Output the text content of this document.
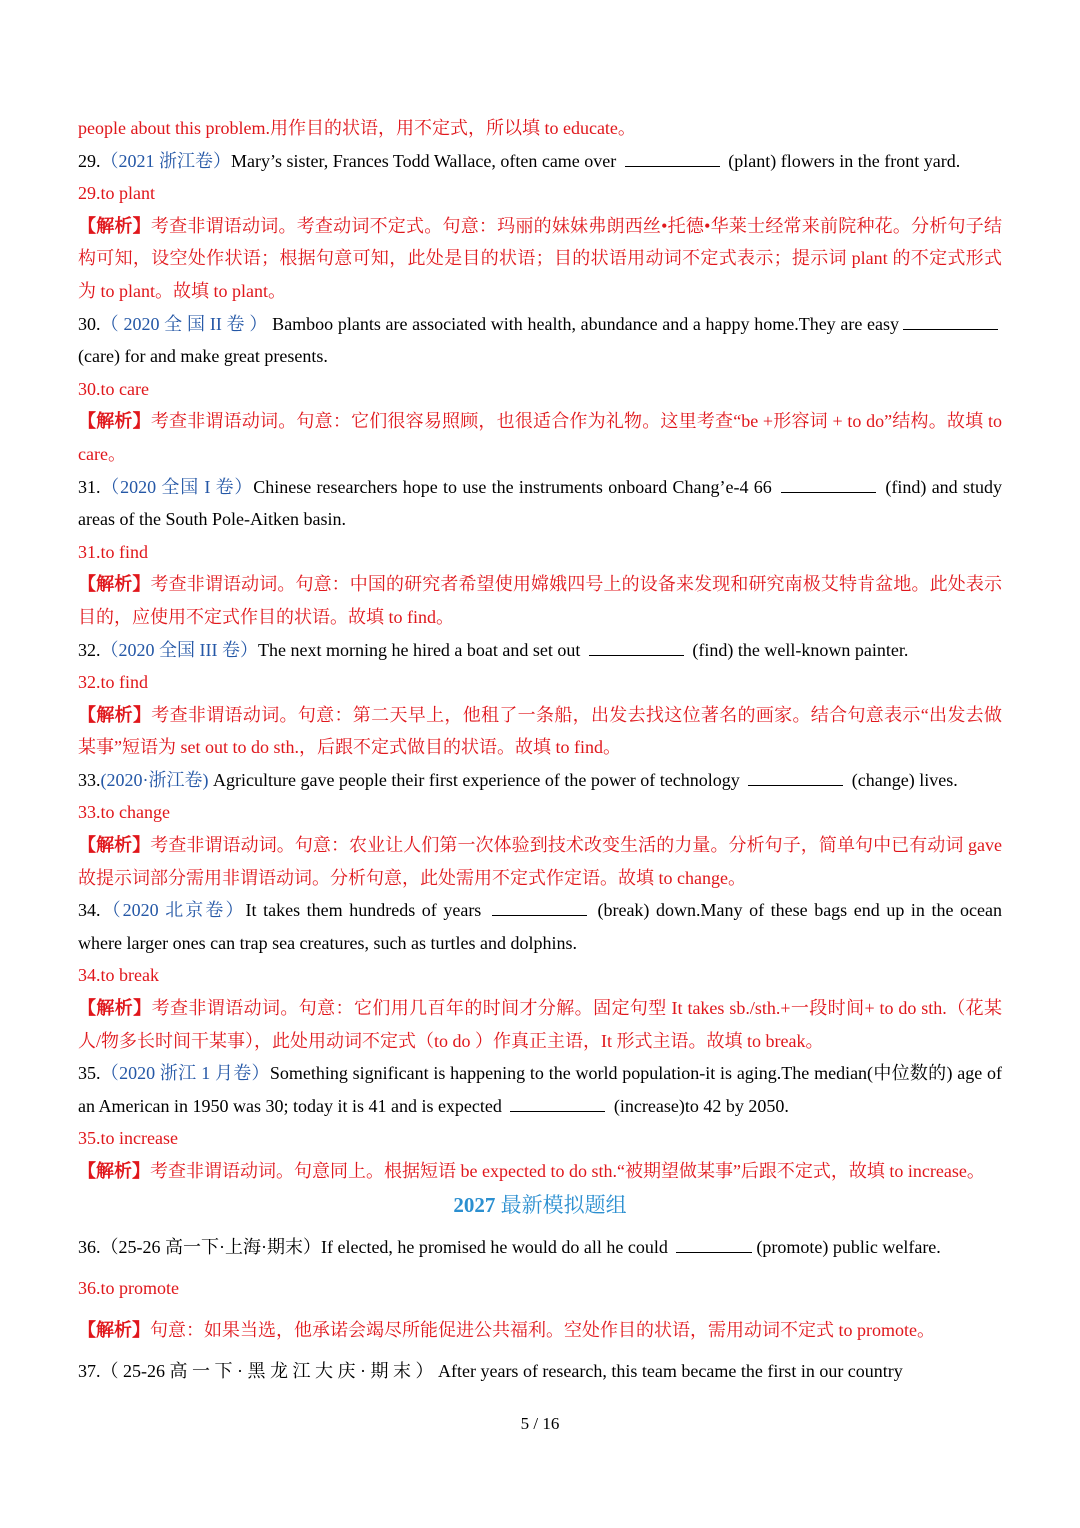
people about this problem.用作目的状语，用不定式，所以填 to educate。
29.（2021 浙江卷）Mary’s sister, Frances Todd Wallace, often came over	(plant) flowers in the front yard.
29.to plant
【解析】考查非谓语动词。考查动词不定式。句意：玛丽的妹妹弗朗西丝•托德•华莱士经常来前院种花。分析句子结构可知，设空处作状语；根据句意可知，此处是目的状语；目的状语用动词不定式表示；提示词 plant 的不定式形式为 to plant。故填 to plant。
30.（ 2020 全 国 II 卷 ） Bamboo plants are associated with health, abundance and a happy home.They are easy (care) for and make great presents.
30.to care
【解析】考查非谓语动词。句意：它们很容易照顾，也很适合作为礼物。这里考查“be +形容词 + to do”结构。故填 to care。
31.（2020 全国 I 卷）Chinese researchers hope to use the instruments onboard Chang’e-4 66	(find) and study areas of the South Pole-Aitken basin.
31.to find
【解析】考查非谓语动词。句意：中国的研究者希望使用嫦娥四号上的设备来发现和研究南极艾特肯盆地。此处表示目的，应使用不定式作目的状语。故填 to find。
32.（2020 全国 III 卷）The next morning he hired a boat and set out	(find) the well-known painter.
32.to find
【解析】考查非谓语动词。句意：第二天早上，他租了一条船，出发去找这位著名的画家。结合句意表示“出发去做某事”短语为 set out to do sth.，后跟不定式做目的状语。故填 to find。
33.(2020·浙江卷) Agriculture gave people their first experience of the power of technology	(change) lives.
33.to change
【解析】考查非谓语动词。句意：农业让人们第一次体验到技术改变生活的力量。分析句子，简单句中已有动词 gave 故提示词部分需用非谓语动词。分析句意，此处需用不定式作定语。故填 to change。
34.（2020 北京卷）It takes them hundreds of years	(break) down.Many of these bags end up in the ocean where larger ones can trap sea creatures, such as turtles and dolphins.
34.to break
【解析】考查非谓语动词。句意：它们用几百年的时间才分解。固定句型 It takes sb./sth.+一段时间+ to do sth.（花某人/物多长时间干某事），此处用动词不定式（to do ）作真正主语，It 形式主语。故填 to break。
35.（2020 浙江 1 月卷）Something significant is happening to the world population-it is aging.The median(中位数的) age of an American in 1950 was 30; today it is 41 and is expected	(increase)to 42 by 2050.
35.to increase
【解析】考查非谓语动词。句意同上。根据短语 be expected to do sth.“被期望做某事”后跟不定式，故填 to increase。
2027 最新模拟题组
36.（25-26 高一下·上海·期末）If elected, he promised he would do all he could	(promote) public welfare.
36.to promote
【解析】句意：如果当选，他承诺会竭尽所能促进公共福利。空处作目的状语，需用动词不定式 to promote。
37.（ 25-26 高 一 下 · 黑 龙 江 大 庆 · 期 末 ） After years of research, this team became the first in our country
5 / 16
